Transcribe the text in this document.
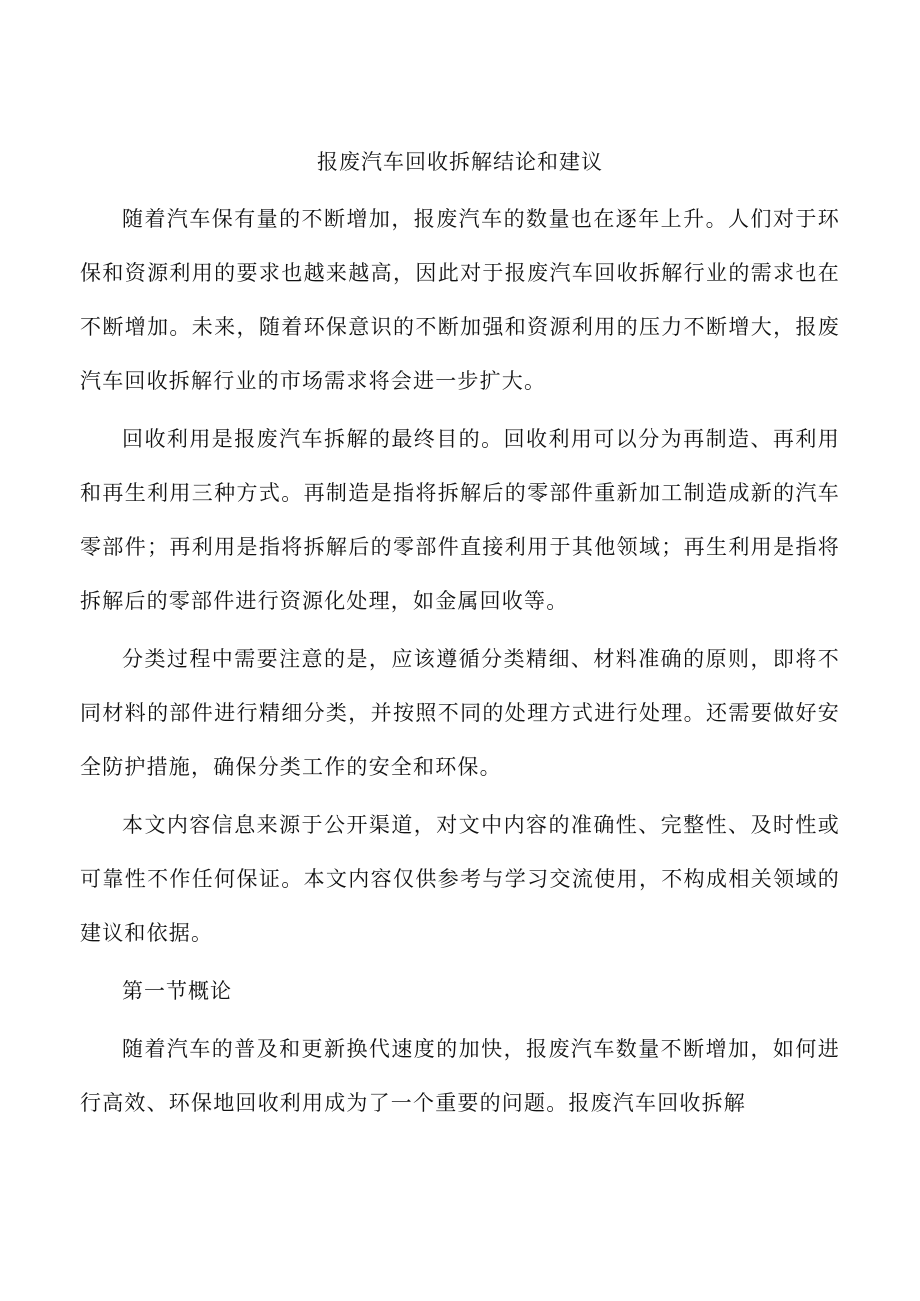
报废汽车回收拆解结论和建议

随着汽车保有量的不断增加，报废汽车的数量也在逐年上升。人们对于环保和资源利用的要求也越来越高，因此对于报废汽车回收拆解行业的需求也在不断增加。未来，随着环保意识的不断加强和资源利用的压力不断增大，报废汽车回收拆解行业的市场需求将会进一步扩大。

回收利用是报废汽车拆解的最终目的。回收利用可以分为再制造、再利用和再生利用三种方式。再制造是指将拆解后的零部件重新加工制造成新的汽车零部件；再利用是指将拆解后的零部件直接利用于其他领域；再生利用是指将拆解后的零部件进行资源化处理，如金属回收等。

分类过程中需要注意的是，应该遵循分类精细、材料准确的原则，即将不同材料的部件进行精细分类，并按照不同的处理方式进行处理。还需要做好安全防护措施，确保分类工作的安全和环保。

本文内容信息来源于公开渠道，对文中内容的准确性、完整性、及时性或可靠性不作任何保证。本文内容仅供参考与学习交流使用，不构成相关领域的建议和依据。

第一节概论

随着汽车的普及和更新换代速度的加快，报废汽车数量不断增加，如何进行高效、环保地回收利用成为了一个重要的问题。报废汽车回收拆解
